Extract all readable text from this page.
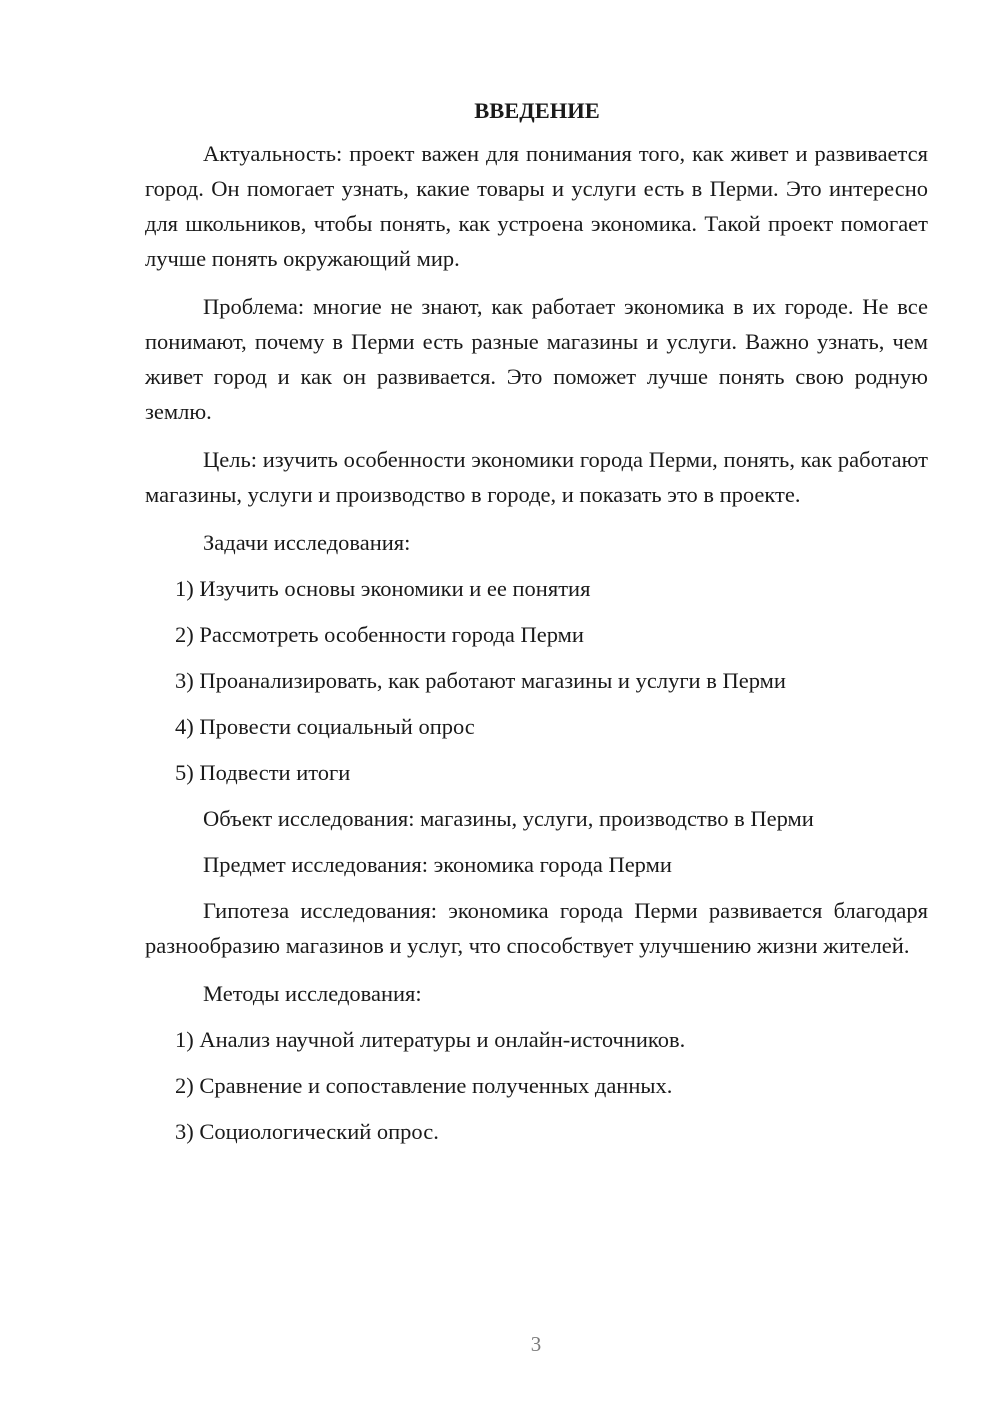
ВВЕДЕНИЕ

Актуальность: проект важен для понимания того, как живет и развивается город. Он помогает узнать, какие товары и услуги есть в Перми. Это интересно для школьников, чтобы понять, как устроена экономика. Такой проект помогает лучше понять окружающий мир.

Проблема: многие не знают, как работает экономика в их городе. Не все понимают, почему в Перми есть разные магазины и услуги. Важно узнать, чем живет город и как он развивается. Это поможет лучше понять свою родную землю.

Цель: изучить особенности экономики города Перми, понять, как работают магазины, услуги и производство в городе, и показать это в проекте.

Задачи исследования:
1) Изучить основы экономики и ее понятия
2) Рассмотреть особенности города Перми
3) Проанализировать, как работают магазины и услуги в Перми
4) Провести социальный опрос
5) Подвести итоги
Объект исследования: магазины, услуги, производство в Перми
Предмет исследования: экономика города Перми

Гипотеза исследования: экономика города Перми развивается благодаря разнообразию магазинов и услуг, что способствует улучшению жизни жителей.

Методы исследования:
1) Анализ научной литературы и онлайн-источников.
2) Сравнение и сопоставление полученных данных.
3) Социологический опрос.
3
